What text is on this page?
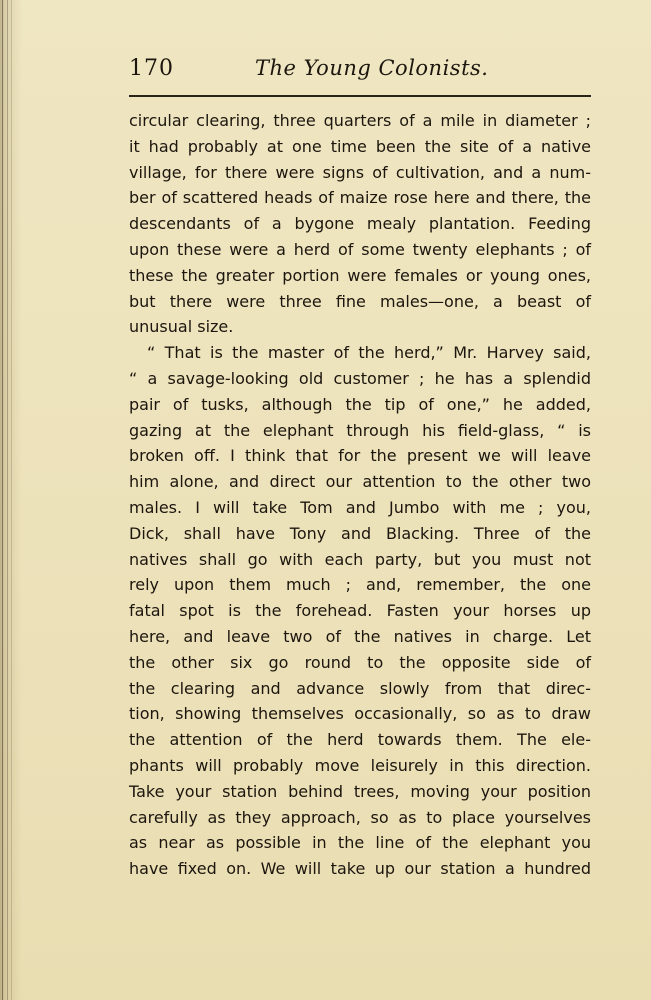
170	The Young Colonists.
circular clearing, three quarters of a mile in diameter ;
it had probably at one time been the site of a native
village, for there were signs of cultivation, and a num-
ber of scattered heads of maize rose here and there, the
descendants of a bygone mealy plantation. Feeding
upon these were a herd of some twenty elephants ; of
these the greater portion were females or young ones,
but there were three fine males—one, a beast of
unusual size.
“ That is the master of the herd,” Mr. Harvey said,
“ a savage-looking old customer ; he has a splendid
pair of tusks, although the tip of one,” he added,
gazing at the elephant through his field-glass, “ is
broken off. I think that for the present we will leave
him alone, and direct our attention to the other two
males. I will take Tom and Jumbo with me ; you,
Dick, shall have Tony and Blacking. Three of the
natives shall go with each party, but you must not
rely upon them much ; and, remember, the one
fatal spot is the forehead. Fasten your horses up
here, and leave two of the natives in charge. Let
the other six go round to the opposite side of
the clearing and advance slowly from that direc-
tion, showing themselves occasionally, so as to draw
the attention of the herd towards them. The ele-
phants will probably move leisurely in this direction.
Take your station behind trees, moving your position
carefully as they approach, so as to place yourselves
as near as possible in the line of the elephant you
have fixed on. We will take up our station a hundred
